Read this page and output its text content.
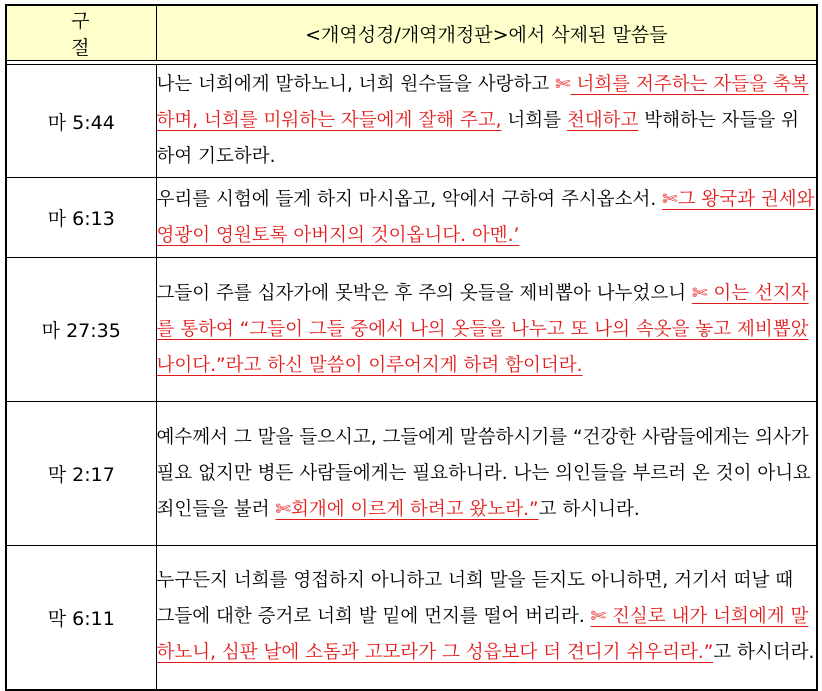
구 절	<개역성경/개역개정판>에서 삭제된 말씀들

마 5:44	나는 너희에게 말하노니, 너희 원수들을 사랑하고 ✄ 너희를 저주하는 자들을 축복하며, 너희를 미워하는 자들에게 잘해 주고, 너희를 천대하고 박해하는 자들을 위하여 기도하라.
마 6:13	우리를 시험에 들게 하지 마시옵고, 악에서 구하여 주시옵소서. ✄그 왕국과 권세와 영광이 영원토록 아버지의 것이옵니다. 아멘.’
마 27:35	그들이 주를 십자가에 못박은 후 주의 옷들을 제비뽑아 나누었으니 ✄ 이는 선지자를 통하여 “그들이 그들 중에서 나의 옷들을 나누고 또 나의 속옷을 놓고 제비뽑았나이다.”라고 하신 말씀이 이루어지게 하려 함이더라.
막 2:17	예수께서 그 말을 들으시고, 그들에게 말씀하시기를 “건강한 사람들에게는 의사가 필요 없지만 병든 사람들에게는 필요하니라. 나는 의인들을 부르러 온 것이 아니요 죄인들을 불러 ✄회개에 이르게 하려고 왔노라.”고 하시니라.
막 6:11	누구든지 너희를 영접하지 아니하고 너희 말을 듣지도 아니하면, 거기서 떠날 때 그들에 대한 증거로 너희 발 밑에 먼지를 떨어 버리라. ✄ 진실로 내가 너희에게 말하노니, 심판 날에 소돔과 고모라가 그 성읍보다 더 견디기 쉬우리라.”고 하시더라.
